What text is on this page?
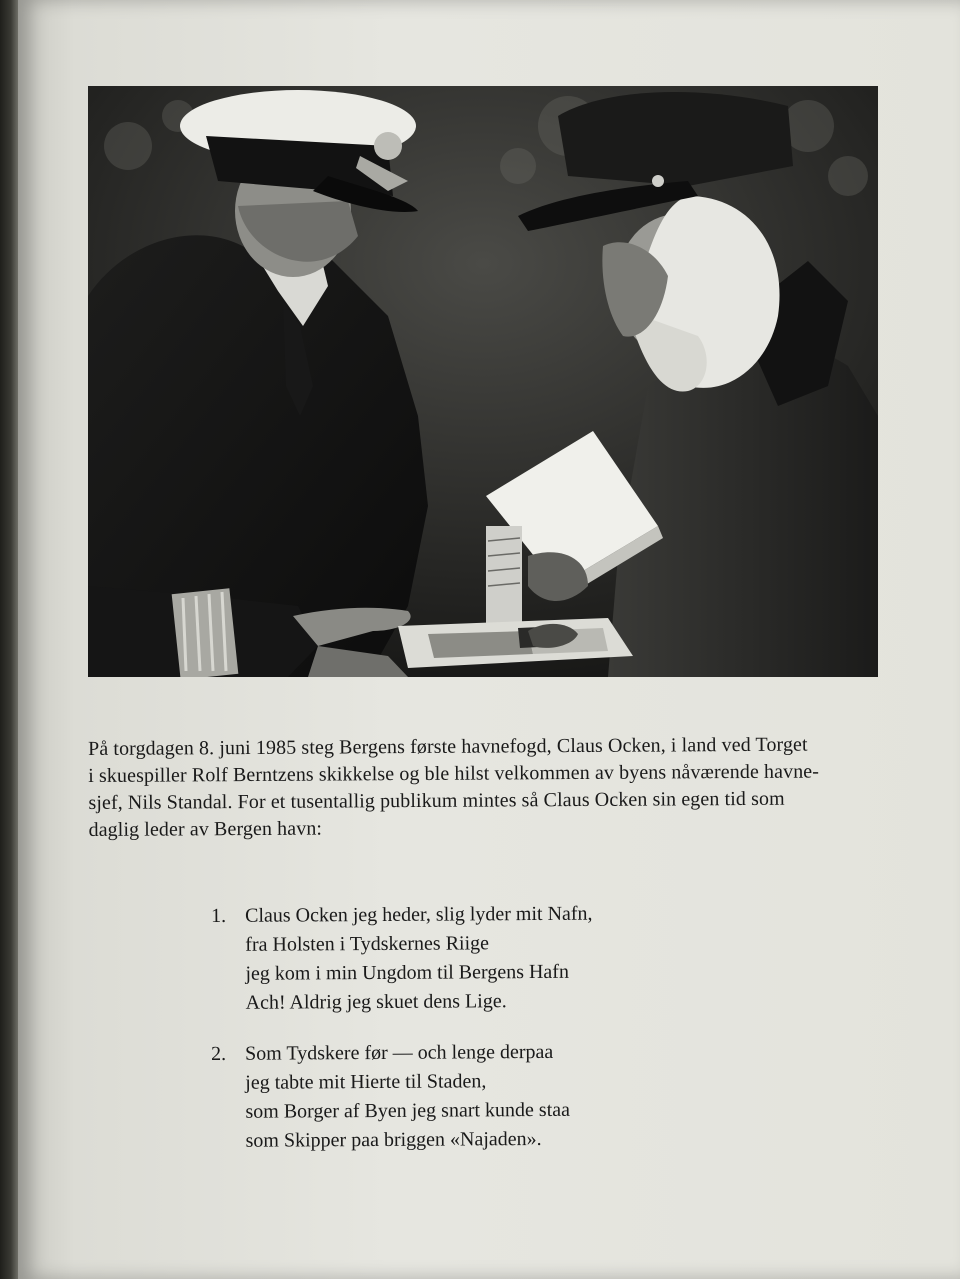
På torgdagen 8. juni 1985 steg Bergens første havnefogd, Claus Ocken, i land ved Torget

i skuespiller Rolf Berntzens skikkelse og ble hilst velkommen av byens nåværende havne-

sjef, Nils Standal. For et tusentallig publikum mintes så Claus Ocken sin egen tid som

daglig leder av Bergen havn:

1. Claus Ocken jeg heder, slig lyder mit Nafn,
fra Holsten i Tydskernes Riige
jeg kom i min Ungdom til Bergens Hafn
Ach! Aldrig jeg skuet dens Lige.
2. Som Tydskere før — och lenge derpaa
jeg tabte mit Hierte til Staden,
som Borger af Byen jeg snart kunde staa
som Skipper paa briggen «Najaden».
